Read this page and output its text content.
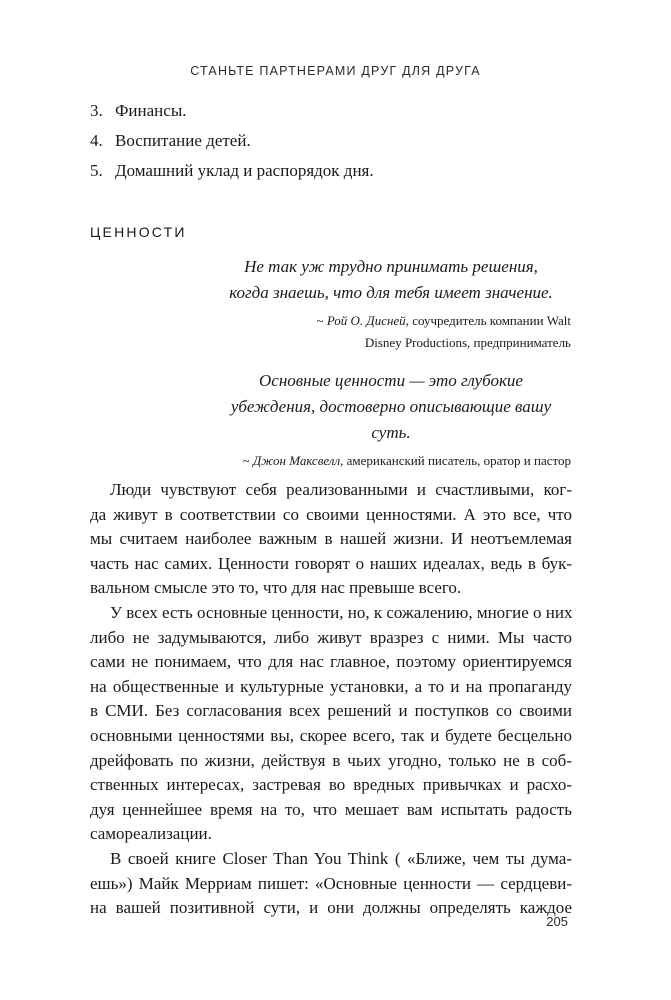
СТАНЬТЕ ПАРТНЕРАМИ ДРУГ ДЛЯ ДРУГА
3. Финансы.
4. Воспитание детей.
5. Домашний уклад и распорядок дня.
ЦЕННОСТИ
Не так уж трудно принимать решения,
когда знаешь, что для тебя имеет значение.
~ Рой О. Дисней, соучредитель компании Walt
Disney Productions, предприниматель
Основные ценности — это глубокие
убеждения, достоверно описывающие вашу
суть.
~ Джон Максвелл, американский писатель, оратор и пастор
Люди чувствуют себя реализованными и счастливыми, ког-
да живут в соответствии со своими ценностями. А это все, что
мы считаем наиболее важным в нашей жизни. И неотъемлемая
часть нас самих. Ценности говорят о наших идеалах, ведь в бук-
вальном смысле это то, что для нас превыше всего.
У всех есть основные ценности, но, к сожалению, многие о них
либо не задумываются, либо живут вразрез с ними. Мы часто
сами не понимаем, что для нас главное, поэтому ориентируемся
на общественные и культурные установки, а то и на пропаганду
в СМИ. Без согласования всех решений и поступков со своими
основными ценностями вы, скорее всего, так и будете бесцельно
дрейфовать по жизни, действуя в чьих угодно, только не в соб-
ственных интересах, застревая во вредных привычках и расхо-
дуя ценнейшее время на то, что мешает вам испытать радость
самореализации.
В своей книге Closer Than You Think ( «Ближе, чем ты дума-
ешь») Майк Мерриам пишет: «Основные ценности — сердцеви-
на вашей позитивной сути, и они должны определять каждое
205
